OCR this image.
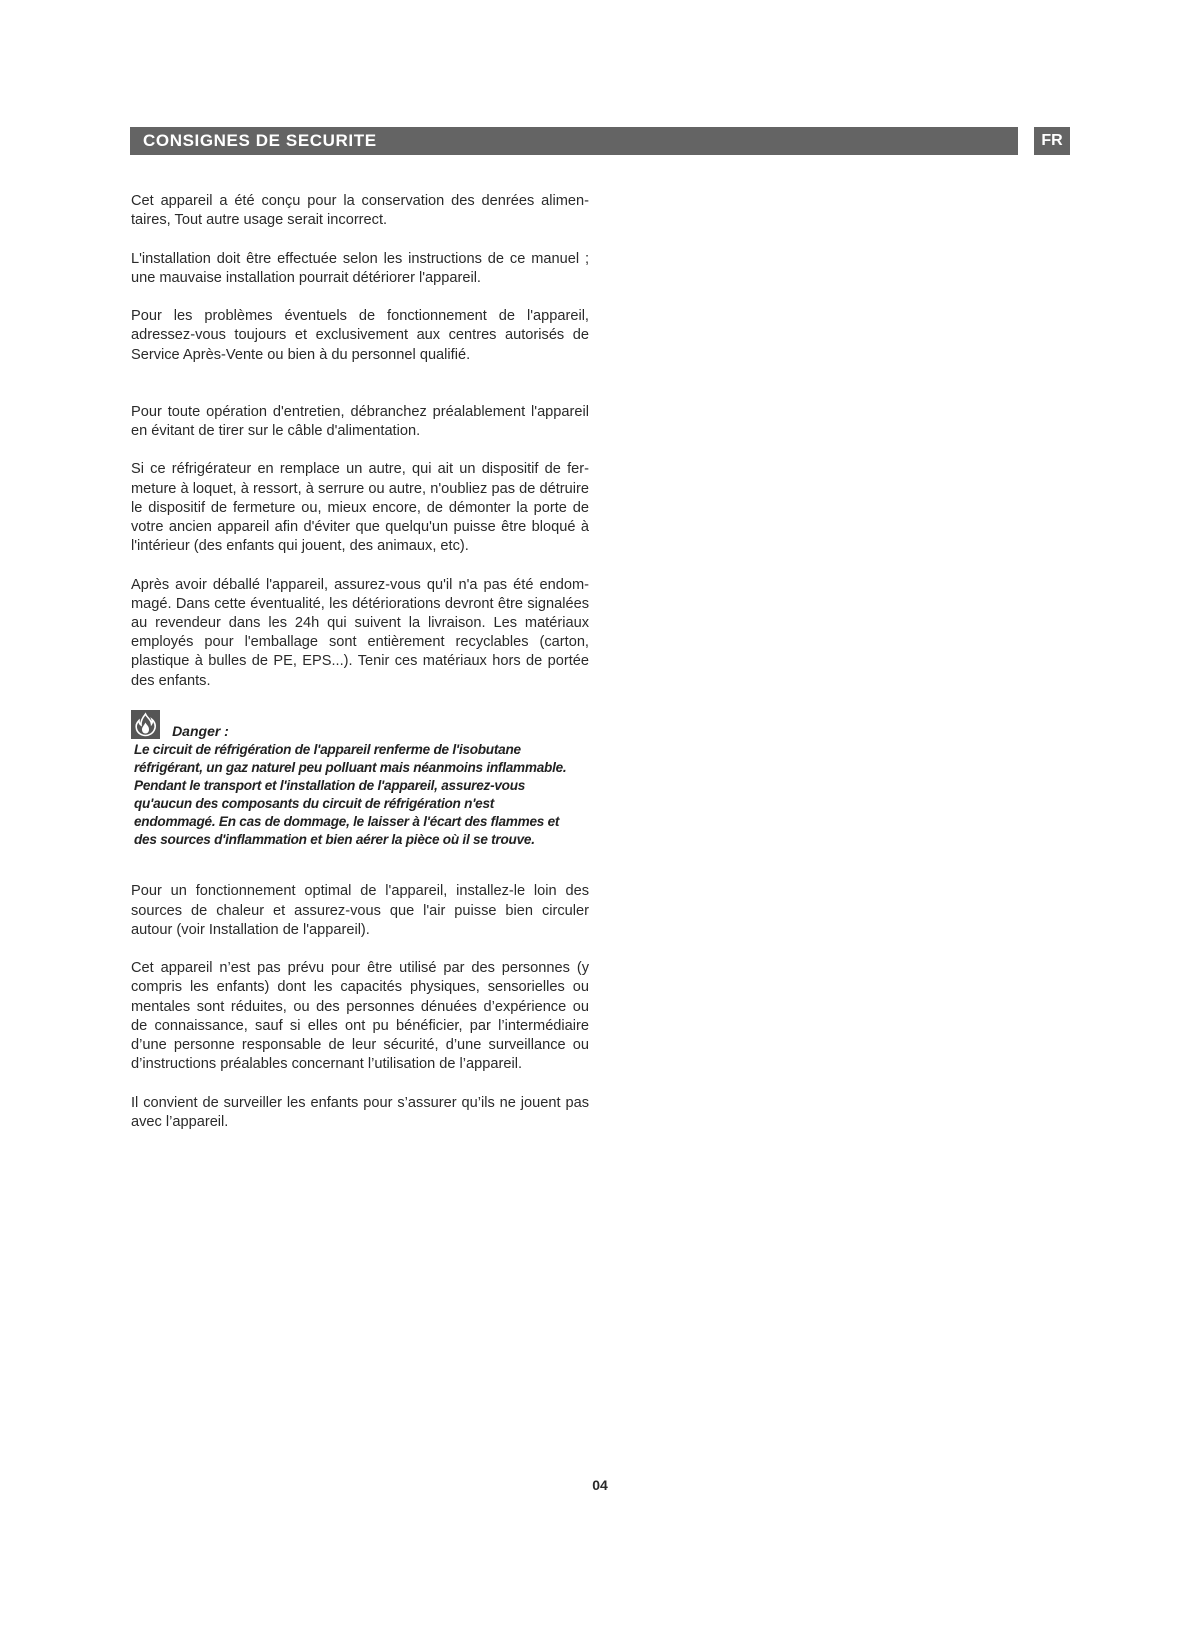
CONSIGNES DE SECURITE	FR

Cet appareil a été conçu pour la conservation des denrées alimentaires, Tout autre usage serait incorrect.

L'installation doit être effectuée selon les instructions de ce manuel ; une mauvaise installation pourrait détériorer l'appareil.

Pour les problèmes éventuels de fonctionnement de l'appareil, adressez-vous toujours et exclusivement aux centres autorisés de Service Après-Vente ou bien à du personnel qualifié.

Pour toute opération d'entretien, débranchez préalablement l'appareil en évitant de tirer sur le câble d'alimentation.

Si ce réfrigérateur en remplace un autre, qui ait un dispositif de fermeture à loquet, à ressort, à serrure ou autre, n'oubliez pas de détruire le dispositif de fermeture ou, mieux encore, de démonter la porte de votre ancien appareil afin d'éviter que quelqu'un puisse être bloqué à l'intérieur (des enfants qui jouent, des animaux, etc).

Après avoir déballé l'appareil, assurez-vous qu'il n'a pas été endommagé. Dans cette éventualité, les détériorations devront être signalées au revendeur dans les 24h qui suivent la livraison. Les matériaux employés pour l'emballage sont entièrement recyclables (carton, plastique à bulles de PE, EPS...). Tenir ces matériaux hors de portée des enfants.

Danger :
Le circuit de réfrigération de l'appareil renferme de l'isobutane réfrigérant, un gaz naturel peu polluant mais néanmoins inflammable. Pendant le transport et l'installation de l'appareil, assurez-vous qu'aucun des composants du circuit de réfrigération n'est endommagé. En cas de dommage, le laisser à l'écart des flammes et des sources d'inflammation et bien aérer la pièce où il se trouve.

Pour un fonctionnement optimal de l'appareil, installez-le loin des sources de chaleur et assurez-vous que l'air puisse bien circuler autour (voir Installation de l'appareil).

Cet appareil n’est pas prévu pour être utilisé par des personnes (y compris les enfants) dont les capacités physiques, sensorielles ou mentales sont réduites, ou des personnes dénuées d’expérience ou de connaissance, sauf si elles ont pu bénéficier, par l’intermédiaire d’une personne responsable de leur sécurité, d’une surveillance ou d’instructions préalables concernant l’utilisation de l’appareil.

Il convient de surveiller les enfants pour s’assurer qu’ils ne jouent pas avec l’appareil.

04
